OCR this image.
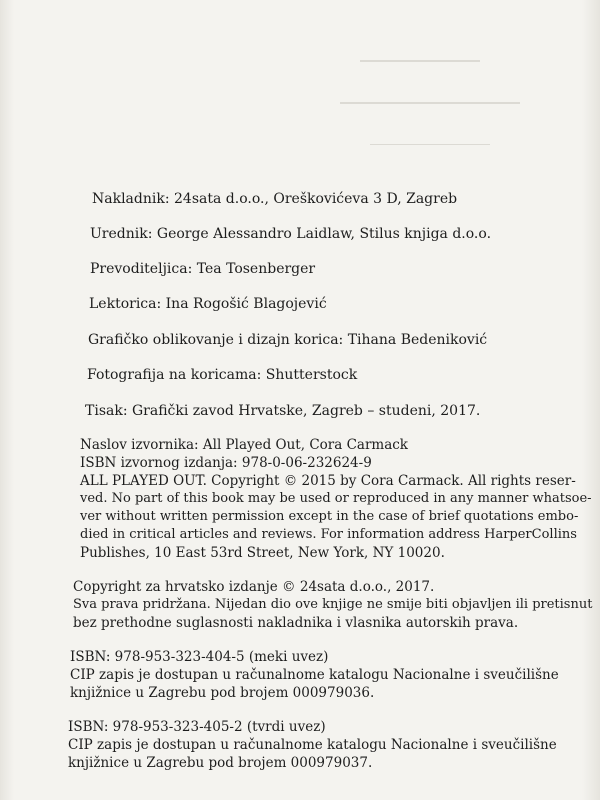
Nakladnik: 24sata d.o.o., Oreškovićeva 3 D, Zagreb
Urednik: George Alessandro Laidlaw, Stilus knjiga d.o.o.
Prevoditeljica: Tea Tosenberger
Lektorica: Ina Rogošić Blagojević
Grafičko oblikovanje i dizajn korica: Tihana Bedeniković
Fotografija na koricama: Shutterstock
Tisak: Grafički zavod Hrvatske, Zagreb – studeni, 2017.
Naslov izvornika: All Played Out, Cora Carmack
ISBN izvornog izdanja: 978-0-06-232624-9
ALL PLAYED OUT. Copyright © 2015 by Cora Carmack. All rights reser-
ved. No part of this book may be used or reproduced in any manner whatsoe-
ver without written permission except in the case of brief quotations embo-
died in critical articles and reviews. For information address HarperCollins
Publishes, 10 East 53rd Street, New York, NY 10020.
Copyright za hrvatsko izdanje © 24sata d.o.o., 2017.
Sva prava pridržana. Nijedan dio ove knjige ne smije biti objavljen ili pretisnut
bez prethodne suglasnosti nakladnika i vlasnika autorskih prava.
ISBN: 978-953-323-404-5 (meki uvez)
CIP zapis je dostupan u računalnome katalogu Nacionalne i sveučilišne
knjižnice u Zagrebu pod brojem 000979036.
ISBN: 978-953-323-405-2 (tvrdi uvez)
CIP zapis je dostupan u računalnome katalogu Nacionalne i sveučilišne
knjižnice u Zagrebu pod brojem 000979037.
